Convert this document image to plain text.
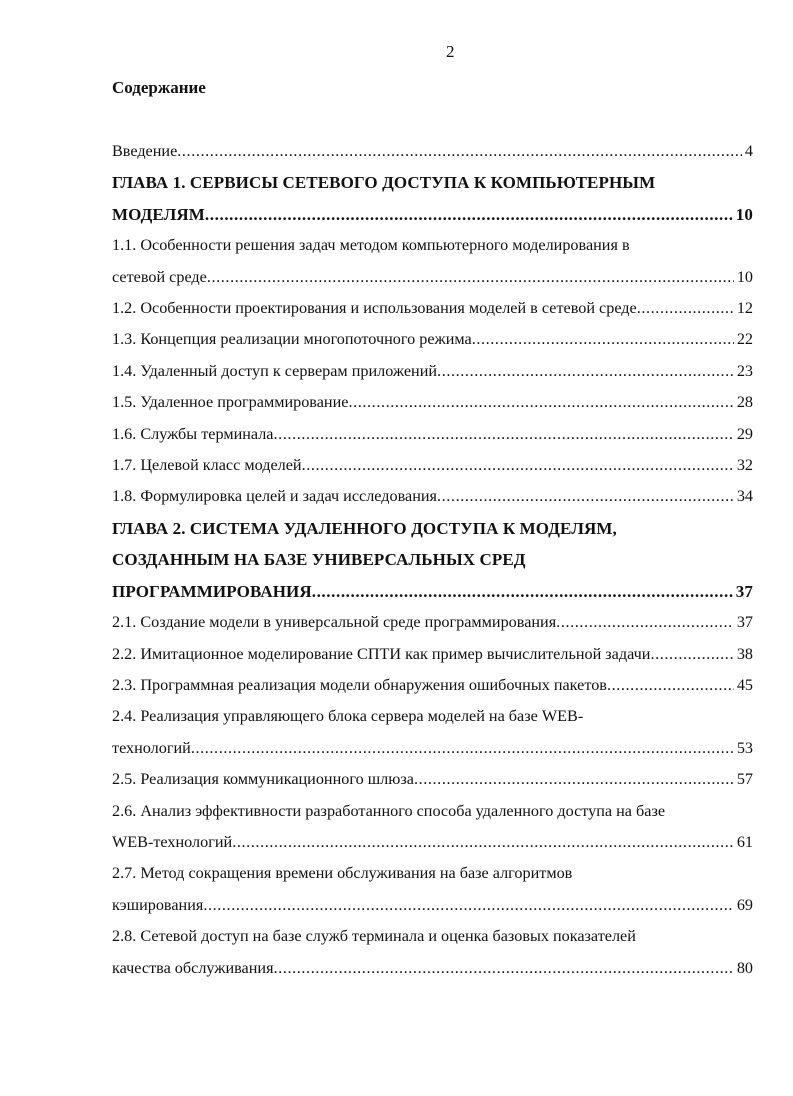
2
Содержание
Введение .....	4
ГЛАВА 1. СЕРВИСЫ СЕТЕВОГО ДОСТУПА К КОМПЬЮТЕРНЫМ
МОДЕЛЯМ .....	10
1.1. Особенности решения задач методом компьютерного моделирования в
сетевой среде .....	10
1.2. Особенности проектирования и использования моделей в сетевой среде .....	12
1.3. Концепция реализации многопоточного режима .....	22
1.4. Удаленный доступ к серверам приложений .....	23
1.5. Удаленное программирование .....	28
1.6. Службы терминала .....	29
1.7. Целевой класс моделей .....	32
1.8. Формулировка целей и задач исследования .....	34
ГЛАВА 2. СИСТЕМА УДАЛЕННОГО ДОСТУПА К МОДЕЛЯМ,
СОЗДАННЫМ НА БАЗЕ УНИВЕРСАЛЬНЫХ СРЕД
ПРОГРАММИРОВАНИЯ .....	37
2.1. Создание модели в универсальной среде программирования .....	37
2.2. Имитационное моделирование СПТИ как пример вычислительной задачи .....	38
2.3. Программная реализация модели обнаружения ошибочных пакетов .....	45
2.4. Реализация управляющего блока сервера моделей на базе WEB-
технологий .....	53
2.5. Реализация коммуникационного шлюза .....	57
2.6. Анализ эффективности разработанного способа удаленного доступа на базе
WEB-технологий .....	61
2.7. Метод сокращения времени обслуживания на базе алгоритмов
кэширования .....	69
2.8. Сетевой доступ на базе служб терминала и оценка базовых показателей
качества обслуживания .....	80
